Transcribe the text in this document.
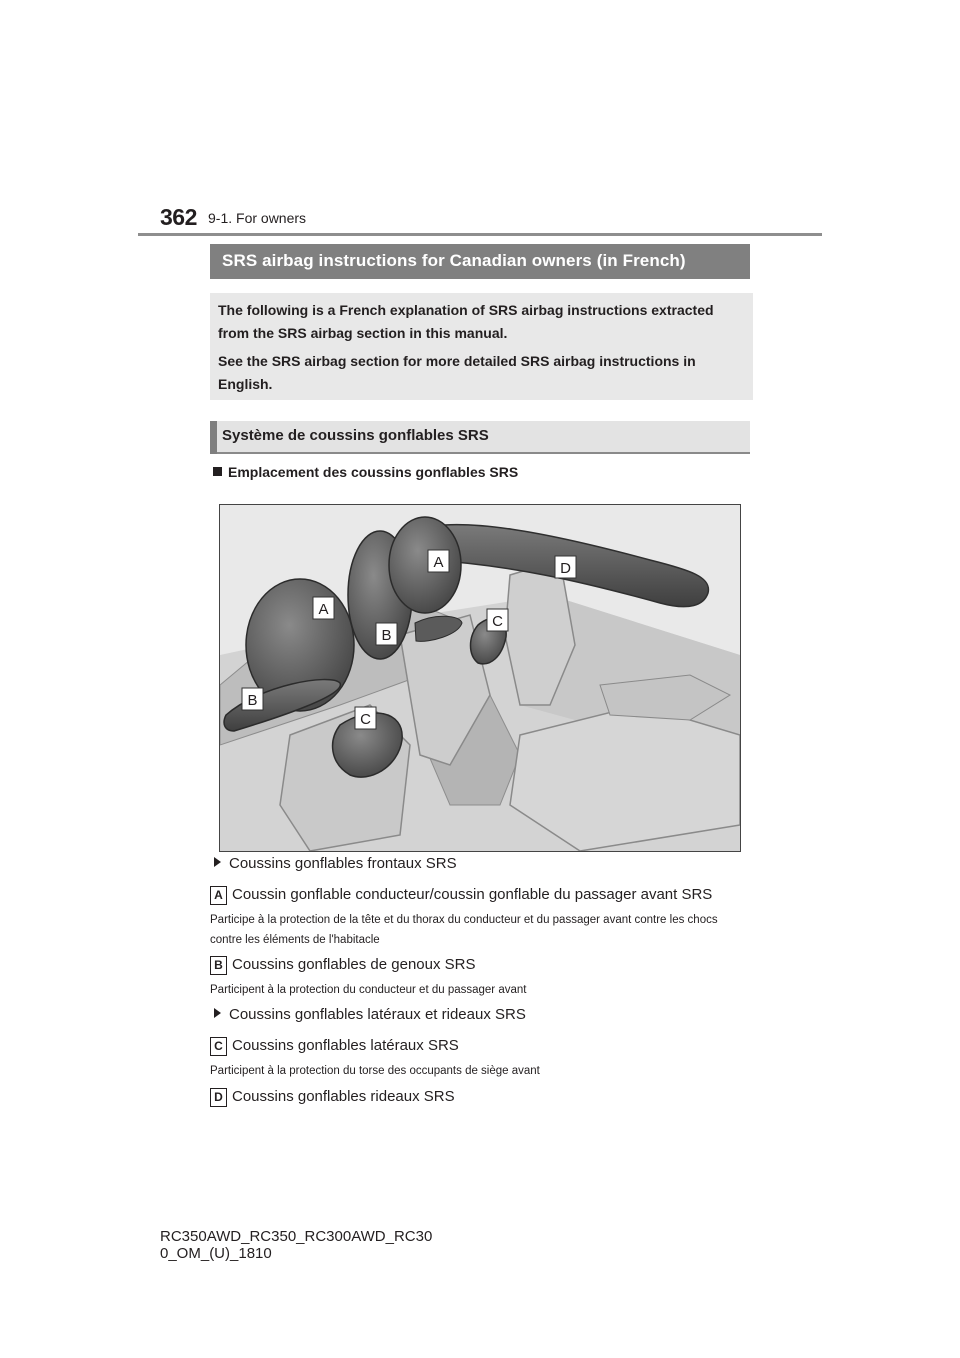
362 9-1. For owners
SRS airbag instructions for Canadian owners (in French)
The following is a French explanation of SRS airbag instructions extracted from the SRS airbag section in this manual.
See the SRS airbag section for more detailed SRS airbag instructions in English.
Système de coussins gonflables SRS
Emplacement des coussins gonflables SRS
A
A
B
B
C
C
D
Coussins gonflables frontaux SRS
A Coussin gonflable conducteur/coussin gonflable du passager avant SRS
Participe à la protection de la tête et du thorax du conducteur et du passager avant contre les chocs contre les éléments de l'habitacle
B Coussins gonflables de genoux SRS
Participent à la protection du conducteur et du passager avant
Coussins gonflables latéraux et rideaux SRS
C Coussins gonflables latéraux SRS
Participent à la protection du torse des occupants de siège avant
D Coussins gonflables rideaux SRS
RC350AWD_RC350_RC300AWD_RC30
0_OM_(U)_1810
